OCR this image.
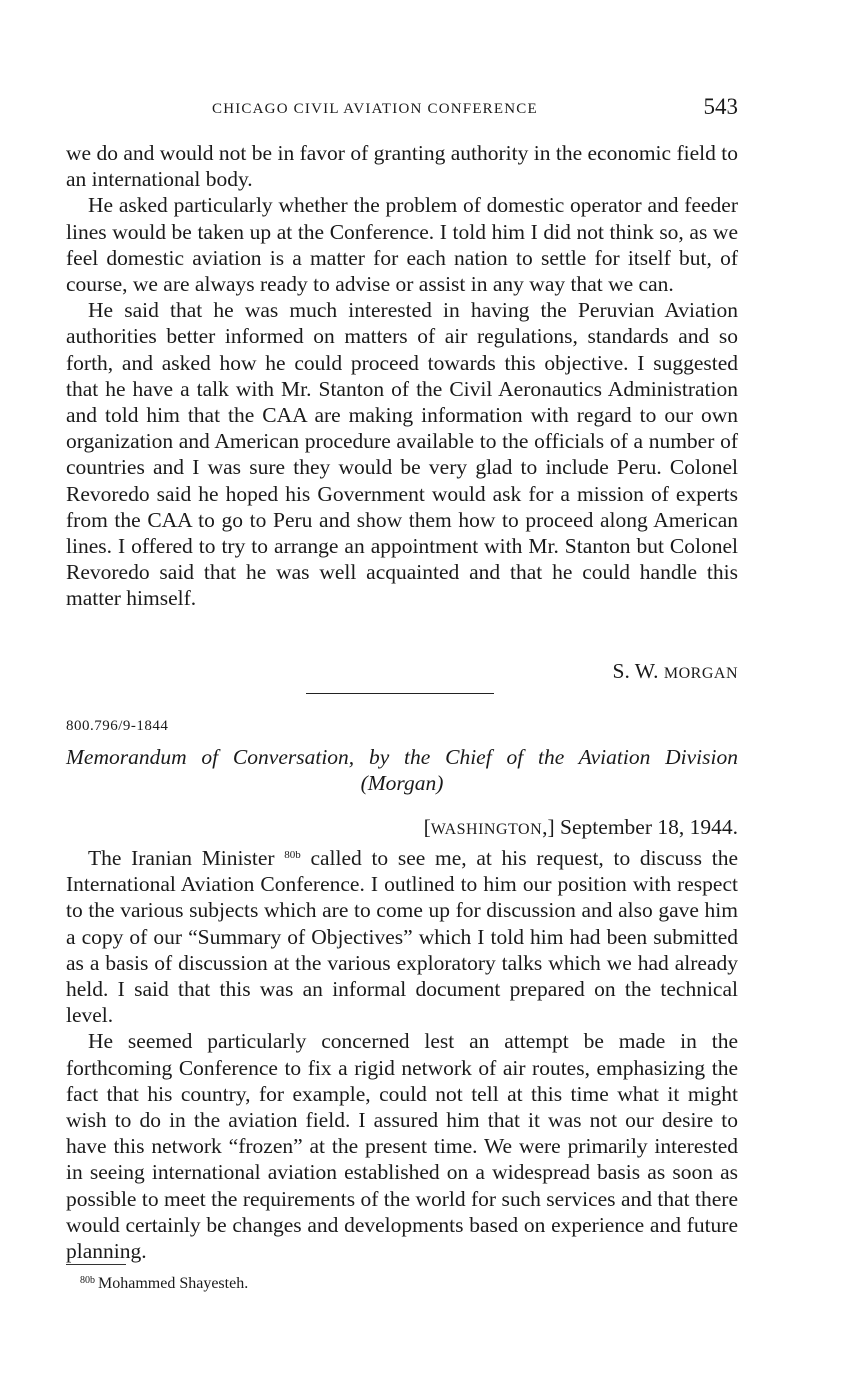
CHICAGO CIVIL AVIATION CONFERENCE	543

we do and would not be in favor of granting authority in the economic field to an international body.

He asked particularly whether the problem of domestic operator and feeder lines would be taken up at the Conference. I told him I did not think so, as we feel domestic aviation is a matter for each nation to settle for itself but, of course, we are always ready to advise or assist in any way that we can.

He said that he was much interested in having the Peruvian Aviation authorities better informed on matters of air regulations, standards and so forth, and asked how he could proceed towards this objective. I suggested that he have a talk with Mr. Stanton of the Civil Aeronautics Administration and told him that the CAA are making information with regard to our own organization and American procedure available to the officials of a number of countries and I was sure they would be very glad to include Peru. Colonel Revoredo said he hoped his Government would ask for a mission of experts from the CAA to go to Peru and show them how to proceed along American lines. I offered to try to arrange an appointment with Mr. Stanton but Colonel Revoredo said that he was well acquainted and that he could handle this matter himself.

S. W. MORGAN
800.796/9-1844
Memorandum of Conversation, by the Chief of the Aviation Division
(Morgan)
[WASHINGTON,] September 18, 1944.

The Iranian Minister $^{80b}$ called to see me, at his request, to discuss the International Aviation Conference. I outlined to him our position with respect to the various subjects which are to come up for discussion and also gave him a copy of our “Summary of Objectives” which I told him had been submitted as a basis of discussion at the various exploratory talks which we had already held. I said that this was an informal document prepared on the technical level.

He seemed particularly concerned lest an attempt be made in the forthcoming Conference to fix a rigid network of air routes, emphasizing the fact that his country, for example, could not tell at this time what it might wish to do in the aviation field. I assured him that it was not our desire to have this network “frozen” at the present time. We were primarily interested in seeing international aviation established on a widespread basis as soon as possible to meet the requirements of the world for such services and that there would certainly be changes and developments based on experience and future planning.

$^{80b}$ Mohammed Shayesteh.
